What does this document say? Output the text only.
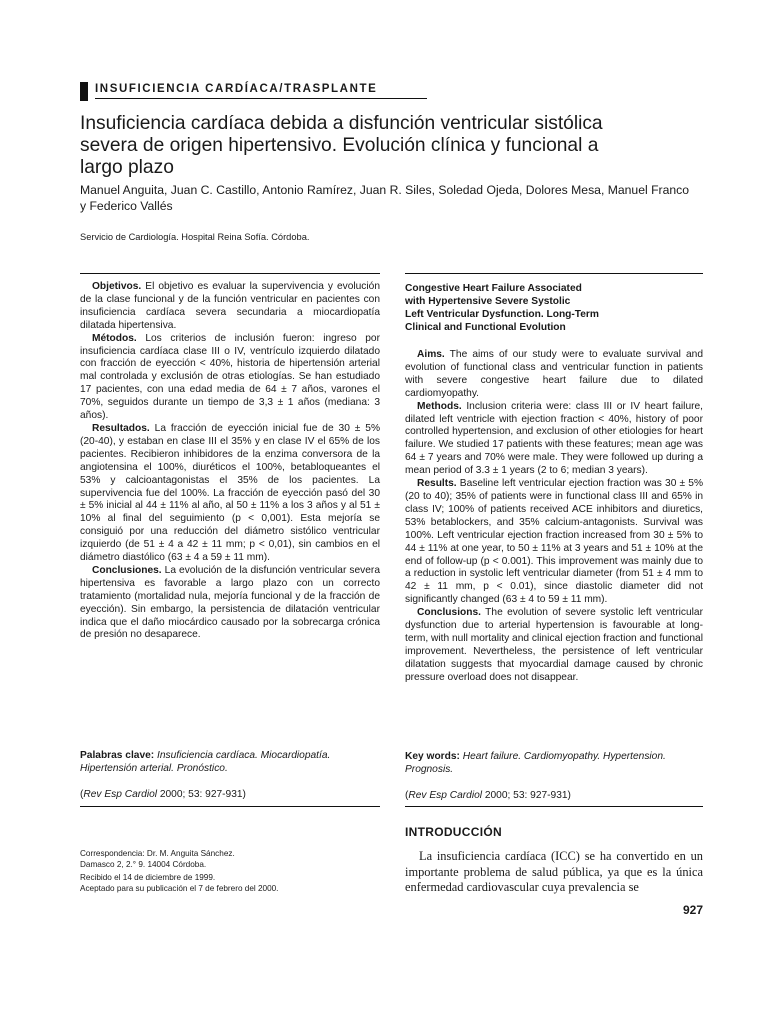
INSUFICIENCIA CARDÍACA/TRASPLANTE
Insuficiencia cardíaca debida a disfunción ventricular sistólica severa de origen hipertensivo. Evolución clínica y funcional a largo plazo
Manuel Anguita, Juan C. Castillo, Antonio Ramírez, Juan R. Siles, Soledad Ojeda, Dolores Mesa, Manuel Franco y Federico Vallés
Servicio de Cardiología. Hospital Reina Sofía. Córdoba.

Objetivos. El objetivo es evaluar la supervivencia y evolución de la clase funcional y de la función ventricular en pacientes con insuficiencia cardíaca severa secundaria a miocardiopatía dilatada hipertensiva.

Métodos. Los criterios de inclusión fueron: ingreso por insuficiencia cardíaca clase III o IV, ventrículo izquierdo dilatado con fracción de eyección < 40%, historia de hipertensión arterial mal controlada y exclusión de otras etiologías. Se han estudiado 17 pacientes, con una edad media de 64 ± 7 años, varones el 70%, seguidos durante un tiempo de 3,3 ± 1 años (mediana: 3 años).

Resultados. La fracción de eyección inicial fue de 30 ± 5% (20-40), y estaban en clase III el 35% y en clase IV el 65% de los pacientes. Recibieron inhibidores de la enzima conversora de la angiotensina el 100%, diuréticos el 100%, betabloqueantes el 53% y calcioantagonistas el 35% de los pacientes. La supervivencia fue del 100%. La fracción de eyección pasó del 30 ± 5% inicial al 44 ± 11% al año, al 50 ± 11% a los 3 años y al 51 ± 10% al final del seguimiento (p < 0,001). Esta mejoría se consiguió por una reducción del diámetro sistólico ventricular izquierdo (de 51 ± 4 a 42 ± 11 mm; p < 0,01), sin cambios en el diámetro diastólico (63 ± 4 a 59 ± 11 mm).

Conclusiones. La evolución de la disfunción ventricular severa hipertensiva es favorable a largo plazo con un correcto tratamiento (mortalidad nula, mejoría funcional y de la fracción de eyección). Sin embargo, la persistencia de dilatación ventricular indica que el daño miocárdico causado por la sobrecarga crónica de presión no desaparece.

Palabras clave: Insuficiencia cardíaca. Miocardiopatía. Hipertensión arterial. Pronóstico.
(Rev Esp Cardiol 2000; 53: 927-931)
Congestive Heart Failure Associated
with Hypertensive Severe Systolic
Left Ventricular Dysfunction. Long-Term
Clinical and Functional Evolution

Aims. The aims of our study were to evaluate survival and evolution of functional class and ventricular function in patients with severe congestive heart failure due to dilated cardiomyopathy.

Methods. Inclusion criteria were: class III or IV heart failure, dilated left ventricle with ejection fraction < 40%, history of poor controlled hypertension, and exclusion of other etiologies for heart failure. We studied 17 patients with these features; mean age was 64 ± 7 years and 70% were male. They were followed up during a mean period of 3.3 ± 1 years (2 to 6; median 3 years).

Results. Baseline left ventricular ejection fraction was 30 ± 5% (20 to 40); 35% of patients were in functional class III and 65% in class IV; 100% of patients received ACE inhibitors and diuretics, 53% betablockers, and 35% calcium-antagonists. Survival was 100%. Left ventricular ejection fraction increased from 30 ± 5% to 44 ± 11% at one year, to 50 ± 11% at 3 years and 51 ± 10% at the end of follow-up (p < 0.001). This improvement was mainly due to a reduction in systolic left ventricular diameter (from 51 ± 4 mm to 42 ± 11 mm, p < 0.01), since diastolic diameter did not significantly changed (63 ± 4 to 59 ± 11 mm).

Conclusions. The evolution of severe systolic left ventricular dysfunction due to arterial hypertension is favourable at long-term, with null mortality and clinical ejection fraction and functional improvement. Nevertheless, the persistence of left ventricular dilatation suggests that myocardial damage caused by chronic pressure overload does not disappear.

Key words: Heart failure. Cardiomyopathy. Hypertension. Prognosis.
(Rev Esp Cardiol 2000; 53: 927-931)
Correspondencia: Dr. M. Anguita Sánchez.
Damasco 2, 2.° 9. 14004 Córdoba.
Recibido el 14 de diciembre de 1999.
Aceptado para su publicación el 7 de febrero del 2000.
INTRODUCCIÓN
La insuficiencia cardíaca (ICC) se ha convertido en un importante problema de salud pública, ya que es la única enfermedad cardiovascular cuya prevalencia se
927
